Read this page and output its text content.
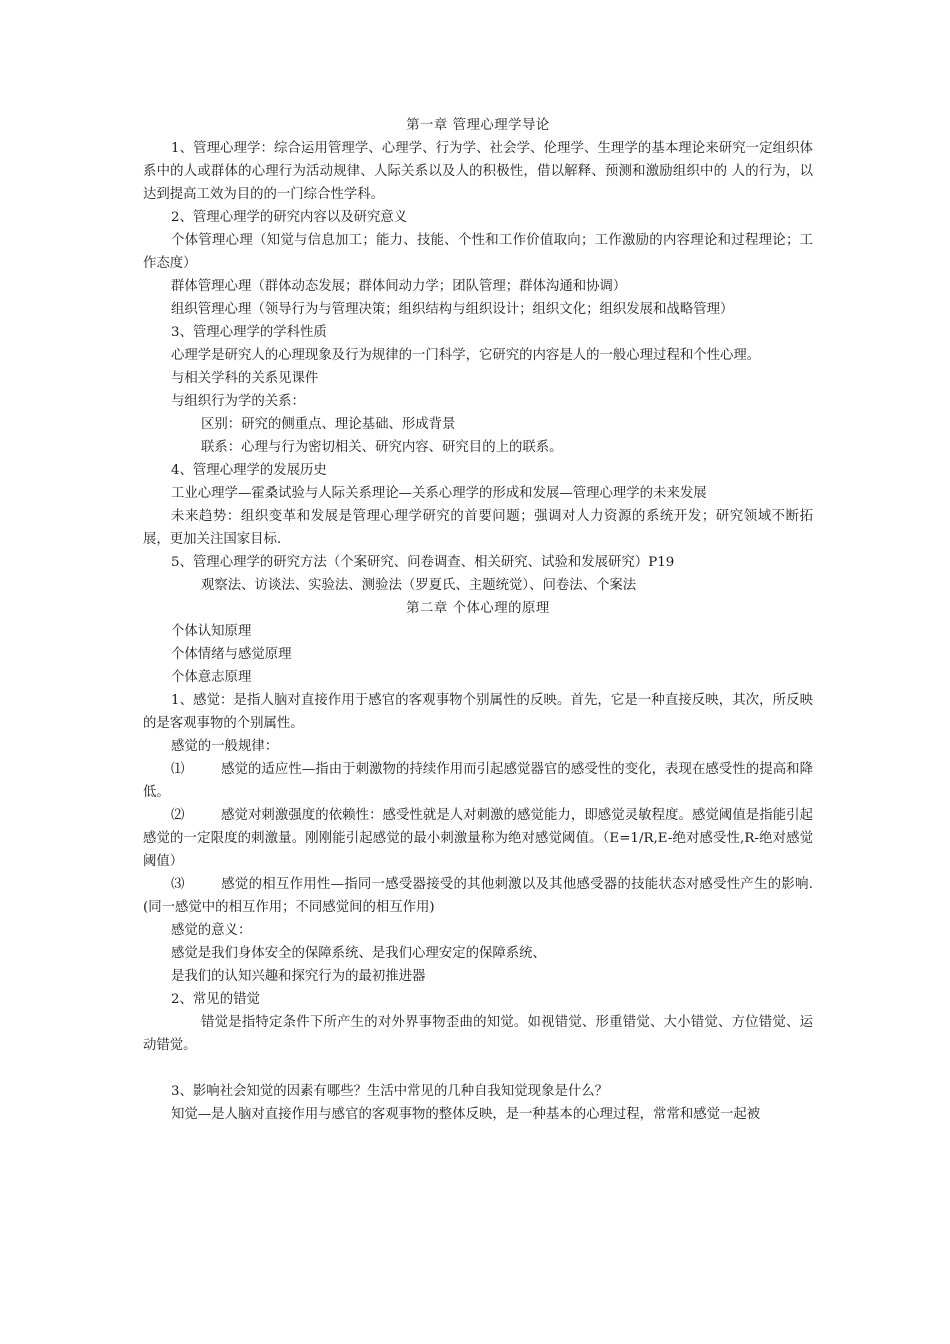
第一章 管理心理学导论
1、管理心理学：综合运用管理学、心理学、行为学、社会学、伦理学、生理学的基本理论来研究一定组织体系中的人或群体的心理行为活动规律、人际关系以及人的积极性，借以解释、预测和激励组织中的 人的行为，以达到提高工效为目的的一门综合性学科。
2、管理心理学的研究内容以及研究意义
个体管理心理（知觉与信息加工；能力、技能、个性和工作价值取向；工作激励的内容理论和过程理论；工作态度）
群体管理心理（群体动态发展；群体间动力学；团队管理；群体沟通和协调）
组织管理心理（领导行为与管理决策；组织结构与组织设计；组织文化；组织发展和战略管理）
3、管理心理学的学科性质
心理学是研究人的心理现象及行为规律的一门科学，它研究的内容是人的一般心理过程和个性心理。
与相关学科的关系见课件
与组织行为学的关系：
区别：研究的侧重点、理论基础、形成背景
联系：心理与行为密切相关、研究内容、研究目的上的联系。
4、管理心理学的发展历史
工业心理学—霍桑试验与人际关系理论—关系心理学的形成和发展—管理心理学的未来发展
未来趋势：组织变革和发展是管理心理学研究的首要问题；强调对人力资源的系统开发；研究领域不断拓展，更加关注国家目标.
5、管理心理学的研究方法（个案研究、问卷调查、相关研究、试验和发展研究）P19
观察法、访谈法、实验法、测验法（罗夏氏、主题统觉）、问卷法、个案法
第二章 个体心理的原理
个体认知原理
个体情绪与感觉原理
个体意志原理
1、感觉：是指人脑对直接作用于感官的客观事物个别属性的反映。首先，它是一种直接反映，其次，所反映的是客观事物的个别属性。
感觉的一般规律：
⑴	感觉的适应性—指由于刺激物的持续作用而引起感觉器官的感受性的变化，表现在感受性的提高和降低。
⑵	感觉对刺激强度的依赖性：感受性就是人对刺激的感觉能力，即感觉灵敏程度。感觉阈值是指能引起感觉的一定限度的刺激量。刚刚能引起感觉的最小刺激量称为绝对感觉阈值。（E=1/R,E-绝对感受性,R-绝对感觉阈值）
⑶	感觉的相互作用性—指同一感受器接受的其他刺激以及其他感受器的技能状态对感受性产生的影响.(同一感觉中的相互作用；不同感觉间的相互作用)
感觉的意义：
感觉是我们身体安全的保障系统、是我们心理安定的保障系统、
是我们的认知兴趣和探究行为的最初推进器
2、常见的错觉
错觉是指特定条件下所产生的对外界事物歪曲的知觉。如视错觉、形重错觉、大小错觉、方位错觉、运动错觉。
3、影响社会知觉的因素有哪些？生活中常见的几种自我知觉现象是什么？
知觉—是人脑对直接作用与感官的客观事物的整体反映，是一种基本的心理过程，常常和感觉一起被
